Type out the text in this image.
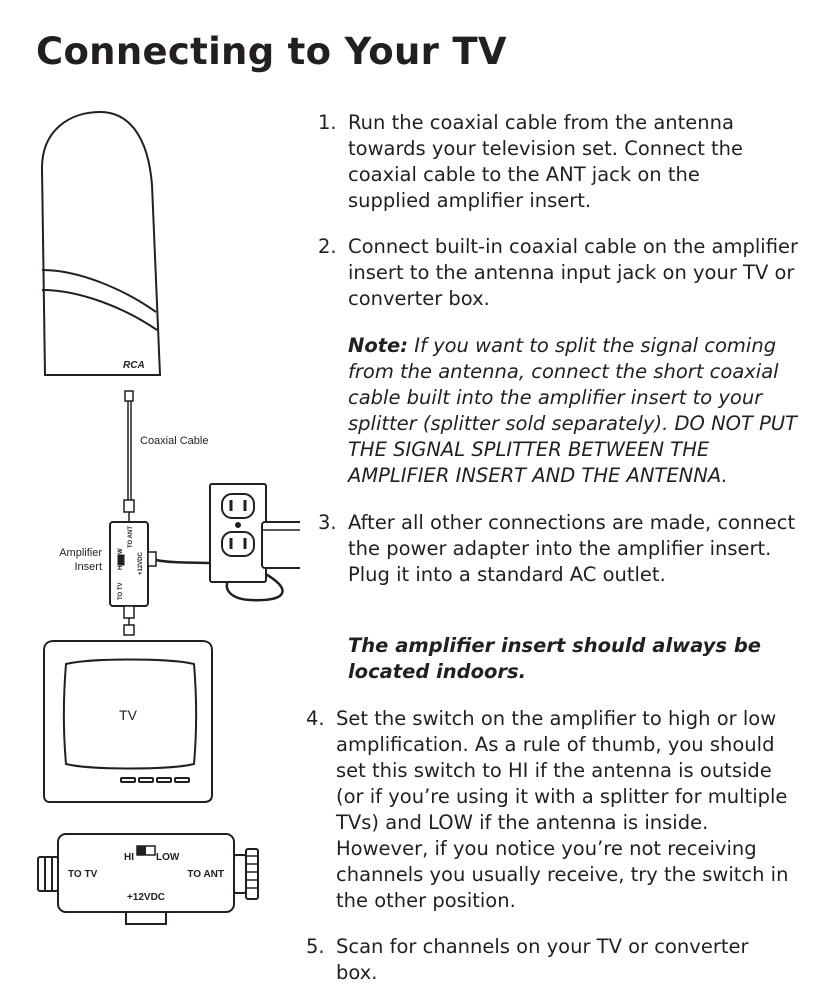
Connecting to Your TV
RCA
Coaxial Cable
TO ANT
HI LOW +12VDC
TO TV
Amplifier
Insert
TV
HI LOW
TO TV	TO ANT
+12VDC
1. Run the coaxial cable from the antenna towards your television set. Connect the coaxial cable to the ANT jack on the supplied amplifier insert.
2. Connect built-in coaxial cable on the amplifier insert to the antenna input jack on your TV or converter box.
Note: If you want to split the signal coming from the antenna, connect the short coaxial cable built into the amplifier insert to your splitter (splitter sold separately). DO NOT PUT THE SIGNAL SPLITTER BETWEEN THE AMPLIFIER INSERT AND THE ANTENNA.
3. After all other connections are made, connect the power adapter into the amplifier insert. Plug it into a standard AC outlet.
The amplifier insert should always be located indoors.
4. Set the switch on the amplifier to high or low amplification. As a rule of thumb, you should set this switch to HI if the antenna is outside (or if you’re using it with a splitter for multiple TVs) and LOW if the antenna is inside. However, if you notice you’re not receiving channels you usually receive, try the switch in the other position.
5. Scan for channels on your TV or converter box.
